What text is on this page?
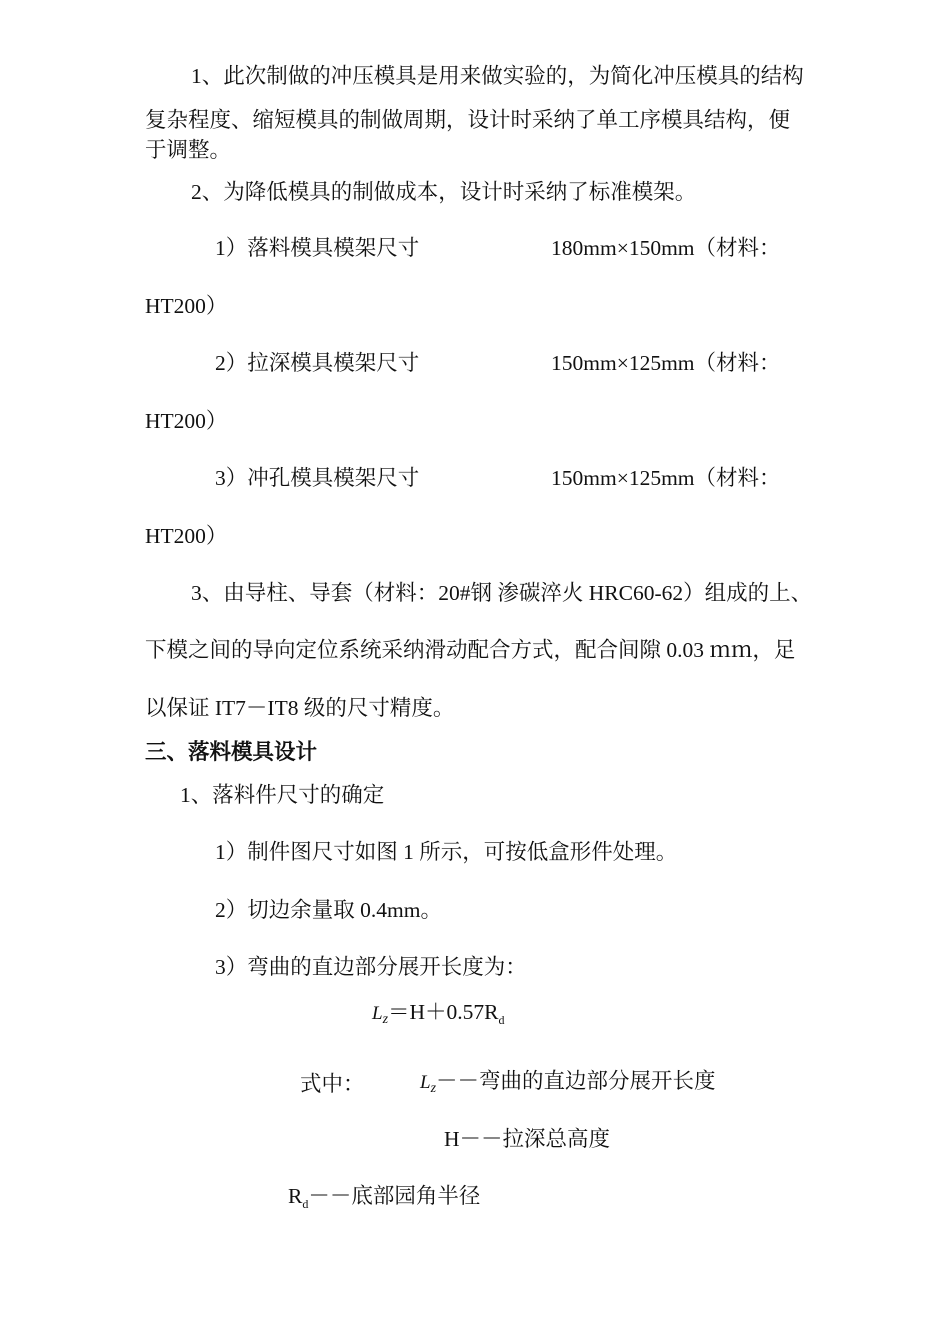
1、此次制做的冲压模具是用来做实验的，为简化冲压模具的结构
复杂程度、缩短模具的制做周期，设计时采纳了单工序模具结构，便
于调整。
2、为降低模具的制做成本，设计时采纳了标准模架。
1）落料模具模架尺寸	180mm×150mm（材料：
HT200）
2）拉深模具模架尺寸	150mm×125mm（材料：
HT200）
3）冲孔模具模架尺寸	150mm×125mm（材料：
HT200）
3、由导柱、导套（材料：20#钢 渗碳淬火 HRC60-62）组成的上、
下模之间的导向定位系统采纳滑动配合方式，配合间隙 0.03 ｍｍ，足
以保证 IT7－IT8 级的尺寸精度。
三、落料模具设计
1、落料件尺寸的确定
1）制件图尺寸如图 1 所示，可按低盒形件处理。
2）切边余量取 0.4mm。
3）弯曲的直边部分展开长度为：
$Lz=H+0.57R_d$
式中：	Lz－－弯曲的直边部分展开长度
H－－拉深总高度
$R_d--$底部园角半径
